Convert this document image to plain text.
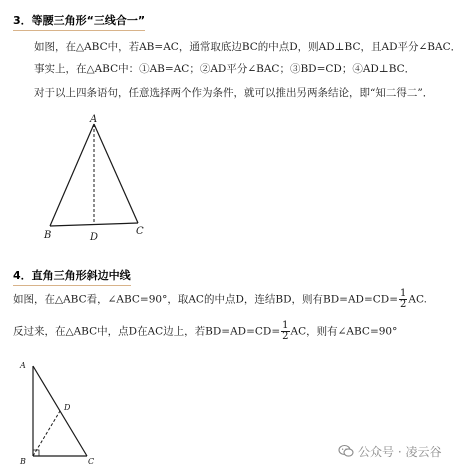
3．等腰三角形“三线合一”
如图，在△ABC中，若AB=AC，通常取底边BC的中点D，则AD⊥BC，且AD平分∠BAC．
事实上，在△ABC中：①AB=AC；②AD平分∠BAC；③BD=CD；④AD⊥BC．
对于以上四条语句，任意选择两个作为条件，就可以推出另两条结论，即“知二得二”．
A
B	C
D
4．直角三角形斜边中线
如图，在△ABC看，∠ABC=90°，取AC的中点D，连结BD，则有$BD=AD=CD= \frac{1}{2}$ AC.
反过来，在△ABC中，点D在AC边上，若$BD=AD=CD= \frac{1}{2}$ AC，则有∠ABC=90°
A
B	C
D
公众号 · 凌云谷
